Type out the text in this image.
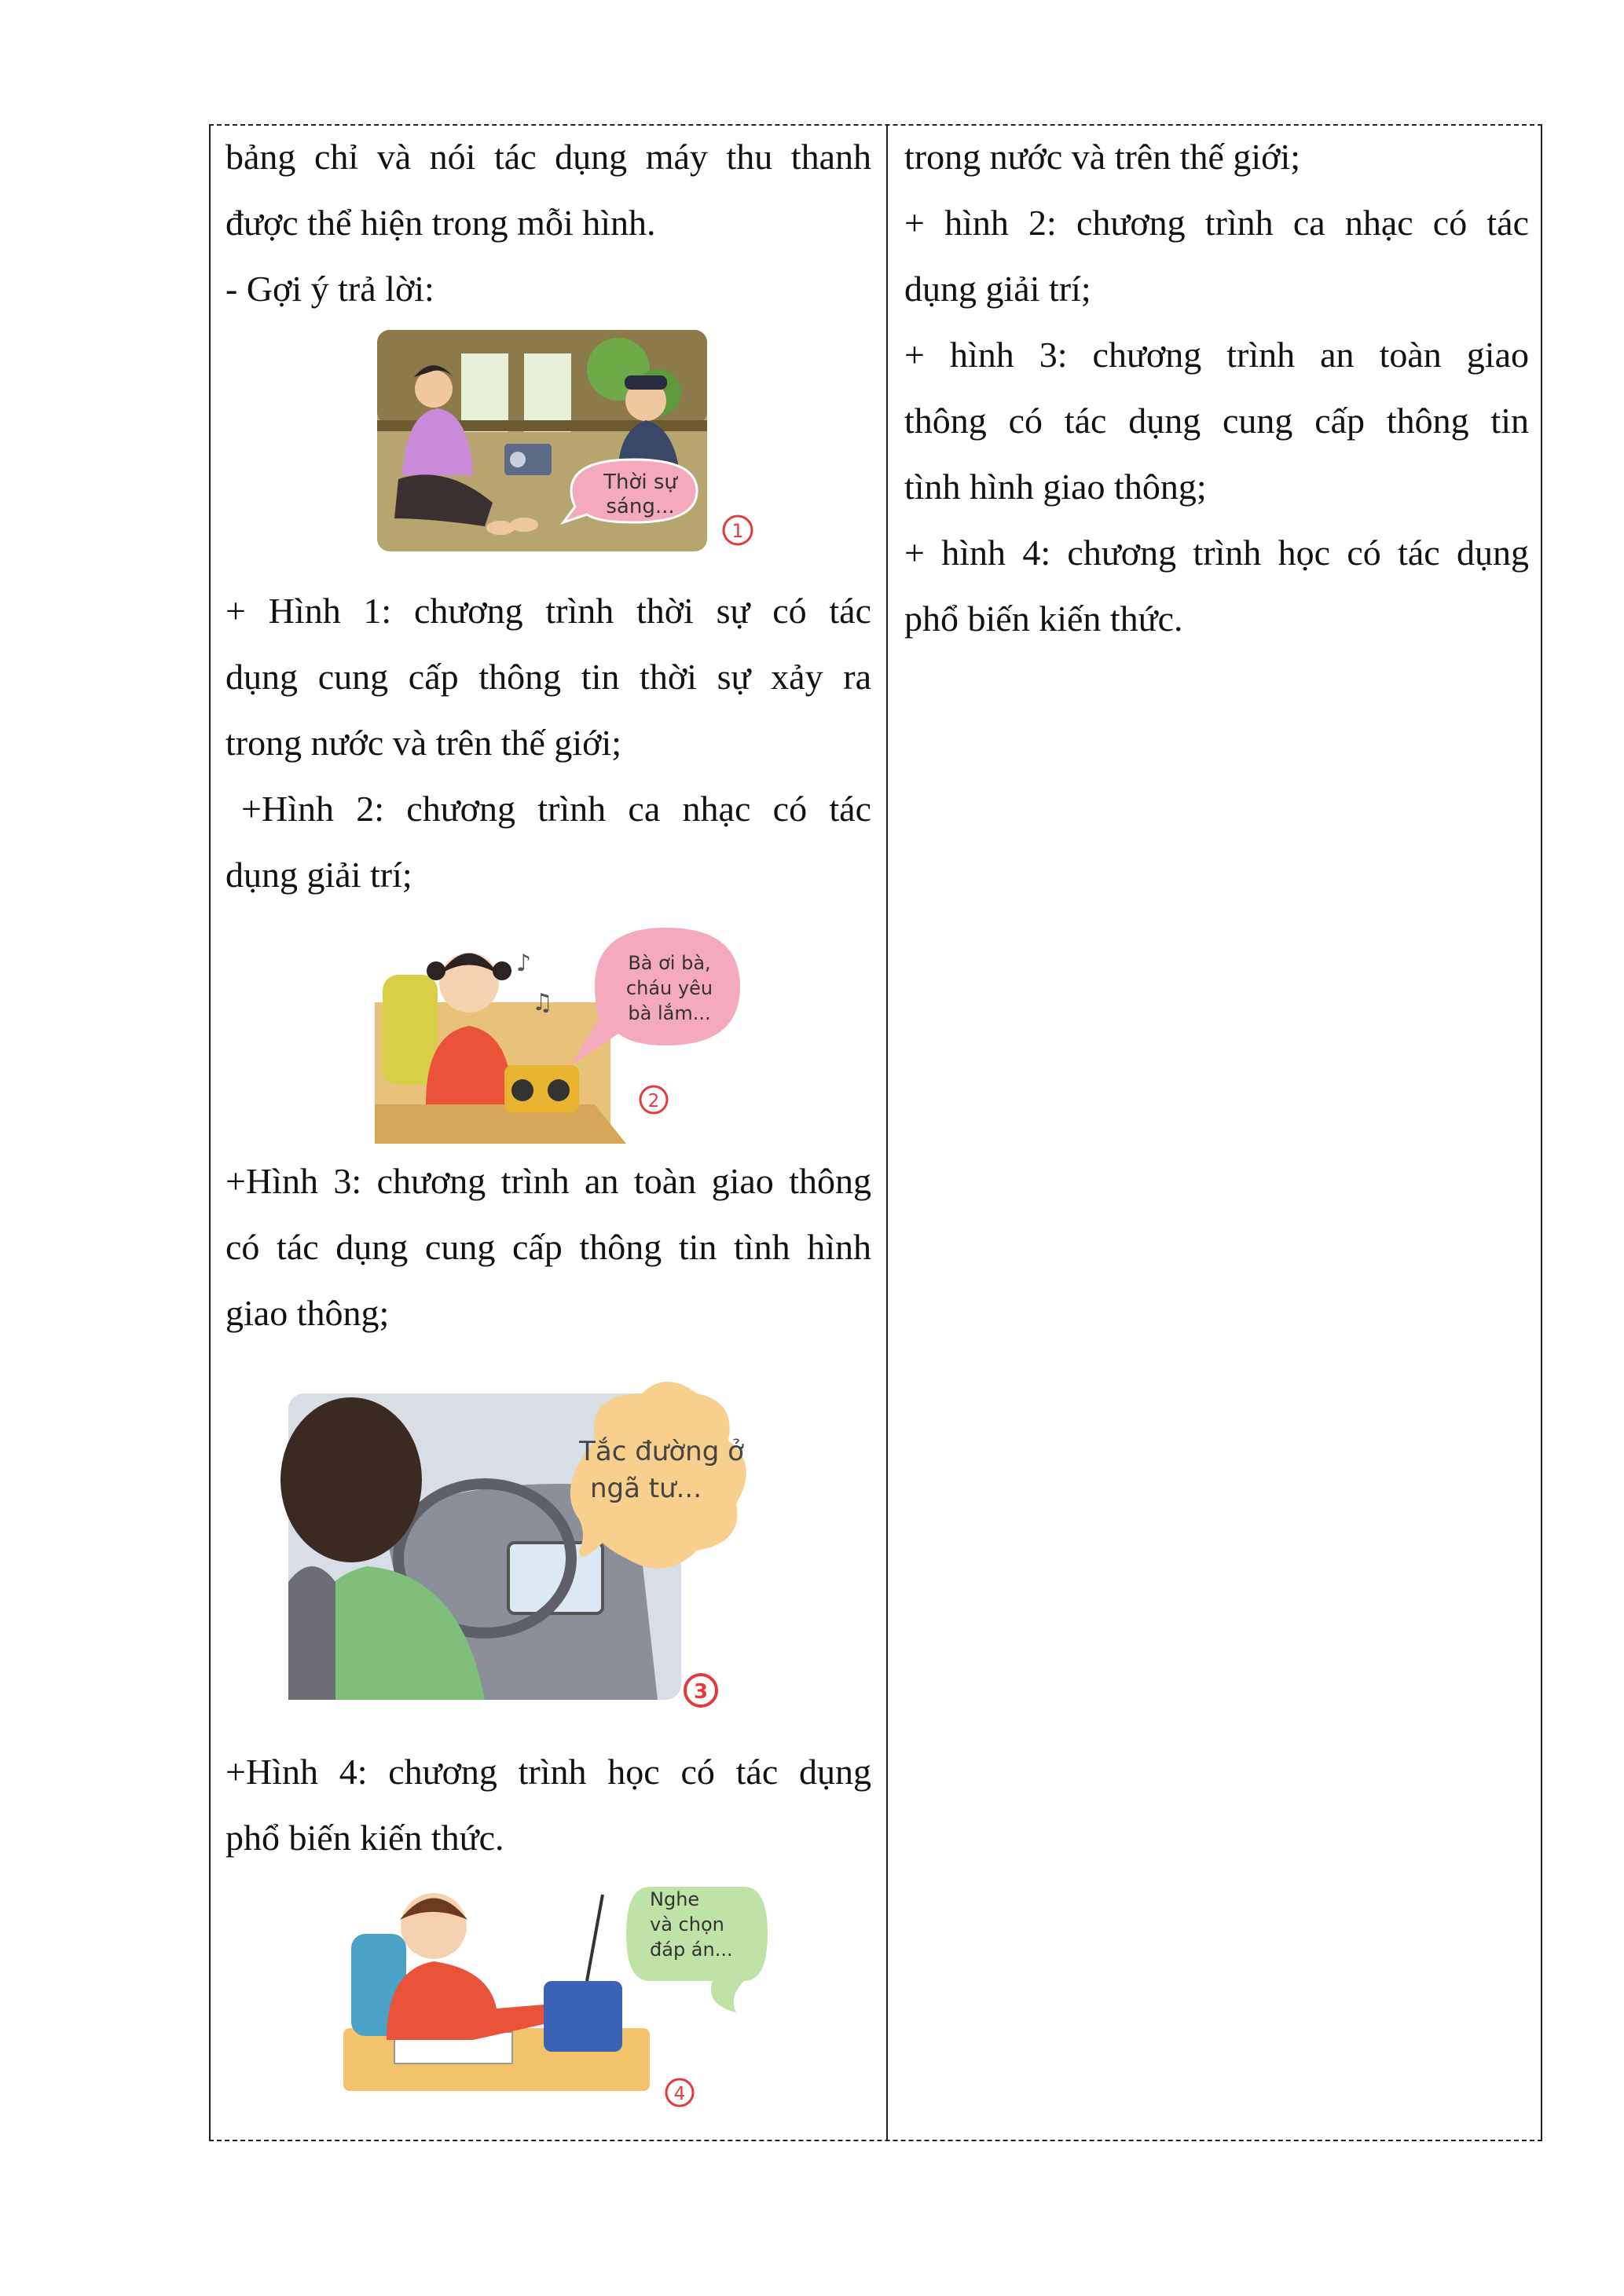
bảng chỉ và nói tác dụng máy thu thanh

được thể hiện trong mỗi hình.

- Gợi ý trả lời:

Thời sự
sáng...
1

+ Hình 1: chương trình thời sự có tác

dụng cung cấp thông tin thời sự xảy ra

trong nước và trên thế giới;

+Hình 2: chương trình ca nhạc có tác

dụng giải trí;

♪
♫
Bà ơi bà,
cháu yêu
bà lắm...
2

+Hình 3: chương trình an toàn giao thông

có tác dụng cung cấp thông tin tình hình

giao thông;

Tắc đường ở
ngã tư...
3

+Hình 4: chương trình học có tác dụng

phổ biến kiến thức.

Nghe
và chọn
đáp án...
4

trong nước và trên thế giới;

+ hình 2: chương trình ca nhạc có tác

dụng giải trí;

+ hình 3: chương trình an toàn giao

thông có tác dụng cung cấp thông tin

tình hình giao thông;

+ hình 4: chương trình học có tác dụng

phổ biến kiến thức.
